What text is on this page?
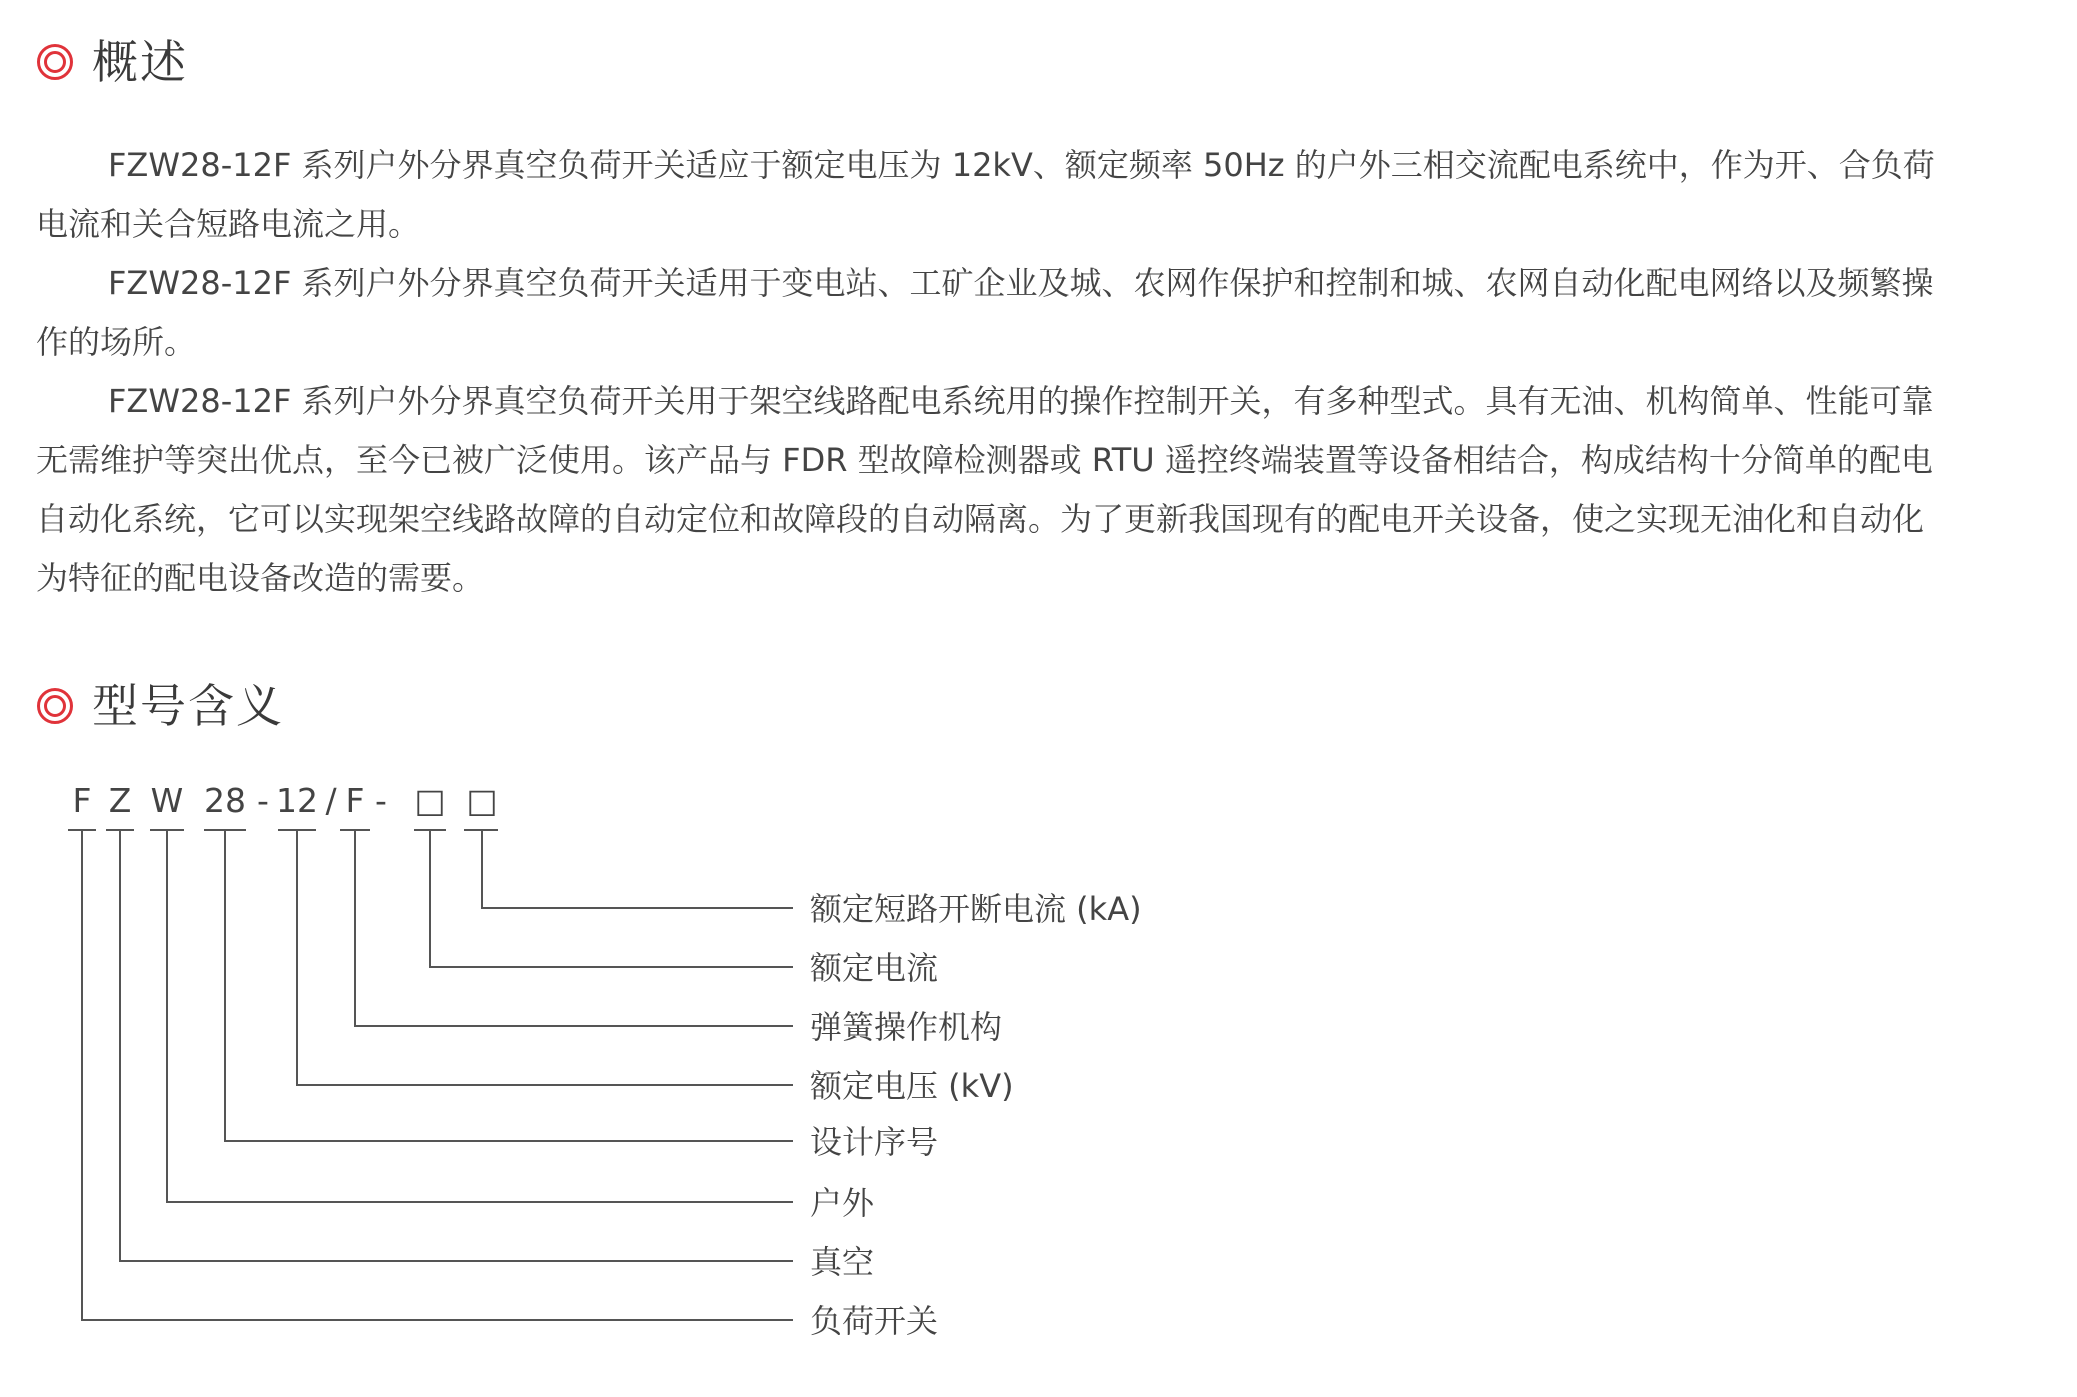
概述

FZW28-12F 系列户外分界真空负荷开关适应于额定电压为 12kV、额定频率 50Hz 的户外三相交流配电系统中，作为开、合负荷电流和关合短路电流之用。

FZW28-12F 系列户外分界真空负荷开关适用于变电站、工矿企业及城、农网作保护和控制和城、农网自动化配电网络以及频繁操作的场所。

FZW28-12F 系列户外分界真空负荷开关用于架空线路配电系统用的操作控制开关，有多种型式。具有无油、机构简单、性能可靠无需维护等突出优点，至今已被广泛使用。该产品与 FDR 型故障检测器或 RTU 遥控终端装置等设备相结合，构成结构十分简单的配电自动化系统，它可以实现架空线路故障的自动定位和故障段的自动隔离。为了更新我国现有的配电开关设备，使之实现无油化和自动化为特征的配电设备改造的需要。

型号含义
F Z W 28 - 12 / F - □ □
额定短路开断电流 (kA)
额定电流
弹簧操作机构
额定电压 (kV)
设计序号
户外
真空
负荷开关
